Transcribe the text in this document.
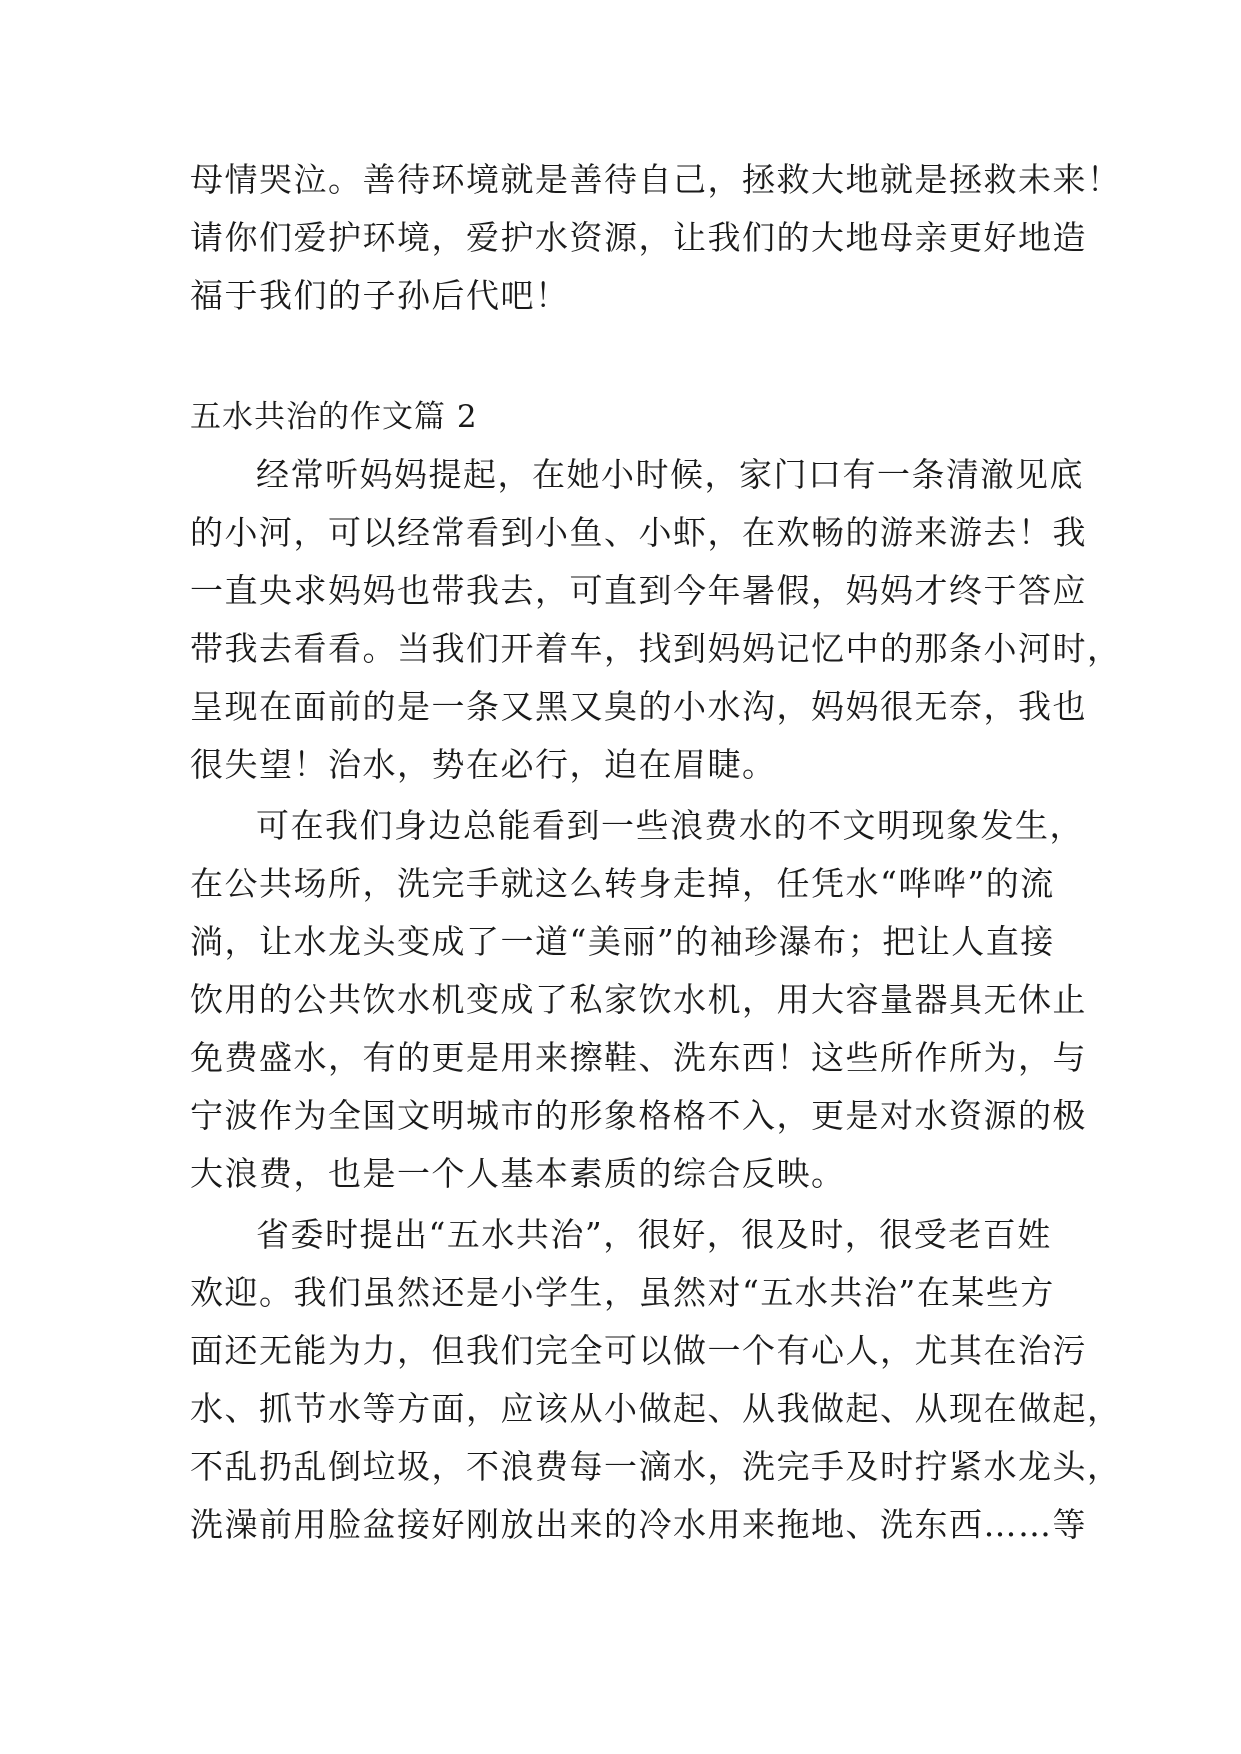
母情哭泣。善待环境就是善待自己，拯救大地就是拯救未来！
请你们爱护环境，爱护水资源，让我们的大地母亲更好地造
福于我们的子孙后代吧！
五水共治的作文篇 2
经常听妈妈提起，在她小时候，家门口有一条清澈见底
的小河，可以经常看到小鱼、小虾，在欢畅的游来游去！我
一直央求妈妈也带我去，可直到今年暑假，妈妈才终于答应
带我去看看。当我们开着车，找到妈妈记忆中的那条小河时，
呈现在面前的是一条又黑又臭的小水沟，妈妈很无奈，我也
很失望！治水，势在必行，迫在眉睫。
可在我们身边总能看到一些浪费水的不文明现象发生，
在公共场所，洗完手就这么转身走掉，任凭水“哗哗”的流
淌，让水龙头变成了一道“美丽”的袖珍瀑布；把让人直接
饮用的公共饮水机变成了私家饮水机，用大容量器具无休止
免费盛水，有的更是用来擦鞋、洗东西！这些所作所为，与
宁波作为全国文明城市的形象格格不入，更是对水资源的极
大浪费，也是一个人基本素质的综合反映。
省委时提出“五水共治”，很好，很及时，很受老百姓
欢迎。我们虽然还是小学生，虽然对“五水共治”在某些方
面还无能为力，但我们完全可以做一个有心人，尤其在治污
水、抓节水等方面，应该从小做起、从我做起、从现在做起，
不乱扔乱倒垃圾，不浪费每一滴水，洗完手及时拧紧水龙头，
洗澡前用脸盆接好刚放出来的冷水用来拖地、洗东西……等
